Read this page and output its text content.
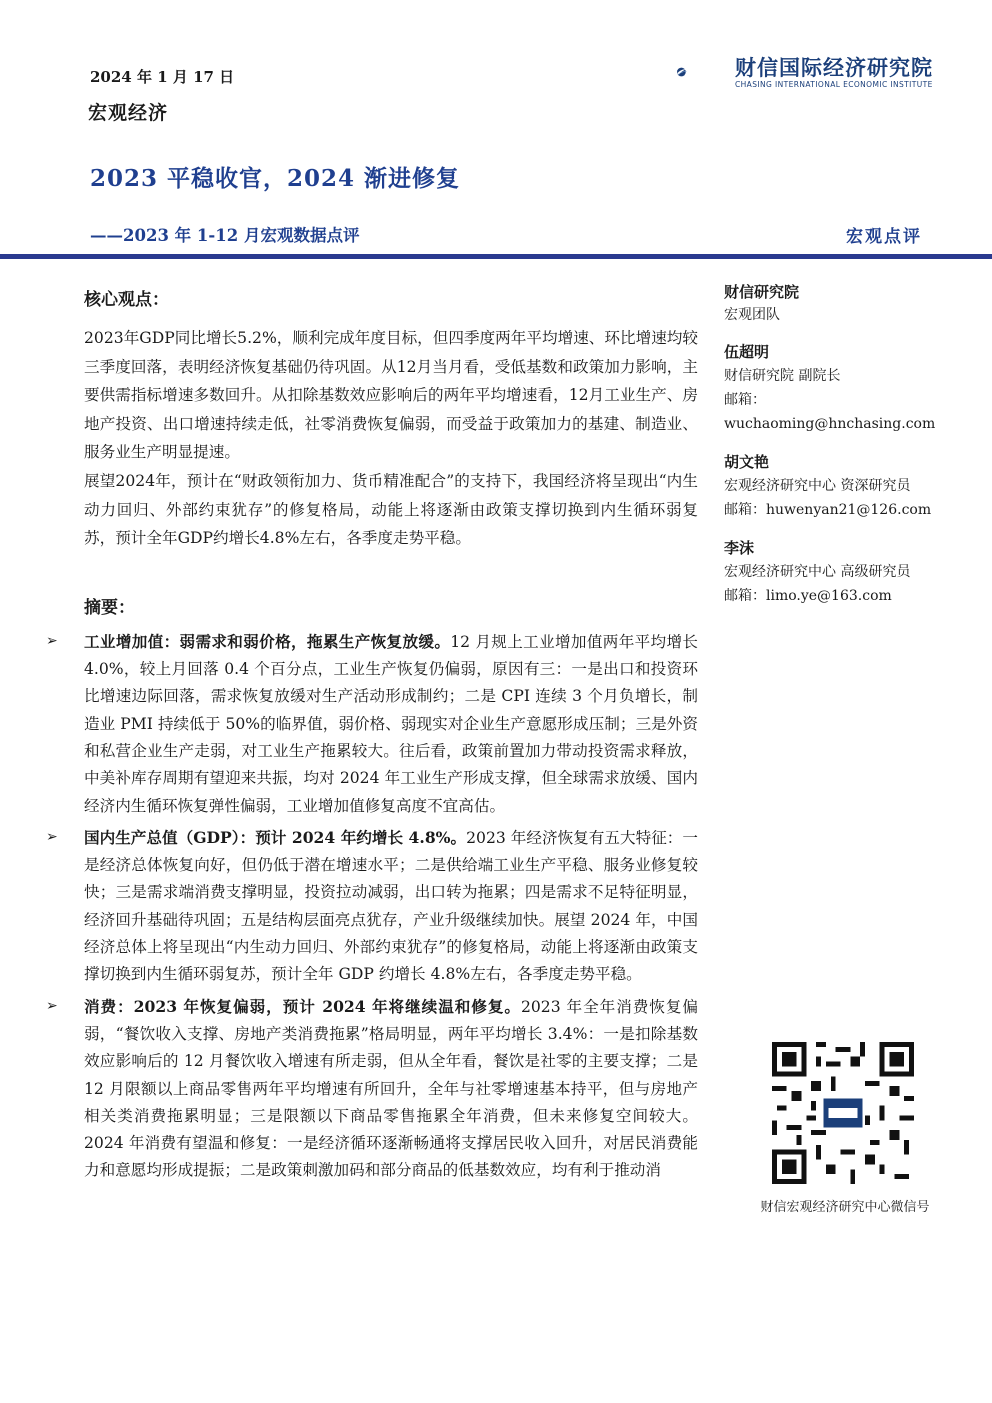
2024 年 1 月 17 日
宏观经济
财信国际经济研究院
CHASING INTERNATIONAL ECONOMIC INSTITUTE
2023 平稳收官，2024 渐进修复
——2023 年 1-12 月宏观数据点评	宏观点评
核心观点：

2023年GDP同比增长5.2%，顺利完成年度目标，但四季度两年平均增速、环比增速均较三季度回落，表明经济恢复基础仍待巩固。从12月当月看，受低基数和政策加力影响，主要供需指标增速多数回升。从扣除基数效应影响后的两年平均增速看，12月工业生产、房地产投资、出口增速持续走低，社零消费恢复偏弱，而受益于政策加力的基建、制造业、服务业生产明显提速。

展望2024年，预计在“财政领衔加力、货币精准配合”的支持下，我国经济将呈现出“内生动力回归、外部约束犹存”的修复格局，动能上将逐渐由政策支撑切换到内生循环弱复苏，预计全年GDP约增长4.8%左右，各季度走势平稳。

摘要：

➢ 工业增加值：弱需求和弱价格，拖累生产恢复放缓。12 月规上工业增加值两年平均增长 4.0%，较上月回落 0.4 个百分点，工业生产恢复仍偏弱，原因有三：一是出口和投资环比增速边际回落，需求恢复放缓对生产活动形成制约；二是 CPI 连续 3 个月负增长，制造业 PMI 持续低于 50%的临界值，弱价格、弱现实对企业生产意愿形成压制；三是外资和私营企业生产走弱，对工业生产拖累较大。往后看，政策前置加力带动投资需求释放，中美补库存周期有望迎来共振，均对 2024 年工业生产形成支撑，但全球需求放缓、国内经济内生循环恢复弹性偏弱，工业增加值修复高度不宜高估。

➢ 国内生产总值（GDP）：预计 2024 年约增长 4.8%。2023 年经济恢复有五大特征：一是经济总体恢复向好，但仍低于潜在增速水平；二是供给端工业生产平稳、服务业修复较快；三是需求端消费支撑明显，投资拉动减弱，出口转为拖累；四是需求不足特征明显，经济回升基础待巩固；五是结构层面亮点犹存，产业升级继续加快。展望 2024 年，中国经济总体上将呈现出“内生动力回归、外部约束犹存”的修复格局，动能上将逐渐由政策支撑切换到内生循环弱复苏，预计全年 GDP 约增长 4.8%左右，各季度走势平稳。

➢ 消费：2023 年恢复偏弱，预计 2024 年将继续温和修复。2023 年全年消费恢复偏弱，“餐饮收入支撑、房地产类消费拖累”格局明显，两年平均增长 3.4%：一是扣除基数效应影响后的 12 月餐饮收入增速有所走弱，但从全年看，餐饮是社零的主要支撑；二是 12 月限额以上商品零售两年平均增速有所回升，全年与社零增速基本持平，但与房地产相关类消费拖累明显；三是限额以下商品零售拖累全年消费，但未来修复空间较大。2024 年消费有望温和修复：一是经济循环逐渐畅通将支撑居民收入回升，对居民消费能力和意愿均形成提振；二是政策刺激加码和部分商品的低基数效应，均有利于推动消

财信研究院

宏观团队

伍超明

财信研究院 副院长

邮箱：wuchaoming@hnchasing.com

胡文艳

宏观经济研究中心 资深研究员

邮箱：huwenyan21@126.com

李沫

宏观经济研究中心 高级研究员

邮箱：limo.ye@163.com

财信宏观经济研究中心微信号
